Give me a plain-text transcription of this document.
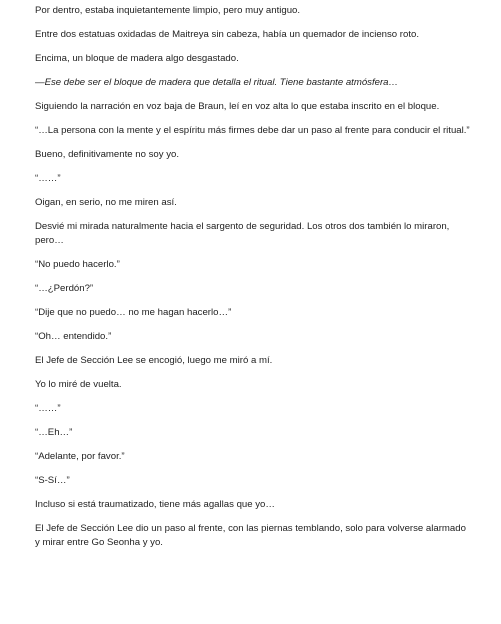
Por dentro, estaba inquietantemente limpio, pero muy antiguo.

Entre dos estatuas oxidadas de Maitreya sin cabeza, había un quemador de incienso roto.

Encima, un bloque de madera algo desgastado.

—Ese debe ser el bloque de madera que detalla el ritual. Tiene bastante atmósfera…

Siguiendo la narración en voz baja de Braun, leí en voz alta lo que estaba inscrito en el bloque.

“…La persona con la mente y el espíritu más firmes debe dar un paso al frente para conducir el ritual.”

Bueno, definitivamente no soy yo.

“……”

Oigan, en serio, no me miren así.

Desvié mi mirada naturalmente hacia el sargento de seguridad. Los otros dos también lo miraron, pero…

“No puedo hacerlo.”

“…¿Perdón?”

“Dije que no puedo… no me hagan hacerlo…”

“Oh… entendido.”

El Jefe de Sección Lee se encogió, luego me miró a mí.

Yo lo miré de vuelta.

“……”

“…Eh…”

“Adelante, por favor.”

“S-Sí…”

Incluso si está traumatizado, tiene más agallas que yo…

El Jefe de Sección Lee dio un paso al frente, con las piernas temblando, solo para volverse alarmado y mirar entre Go Seonha y yo.
